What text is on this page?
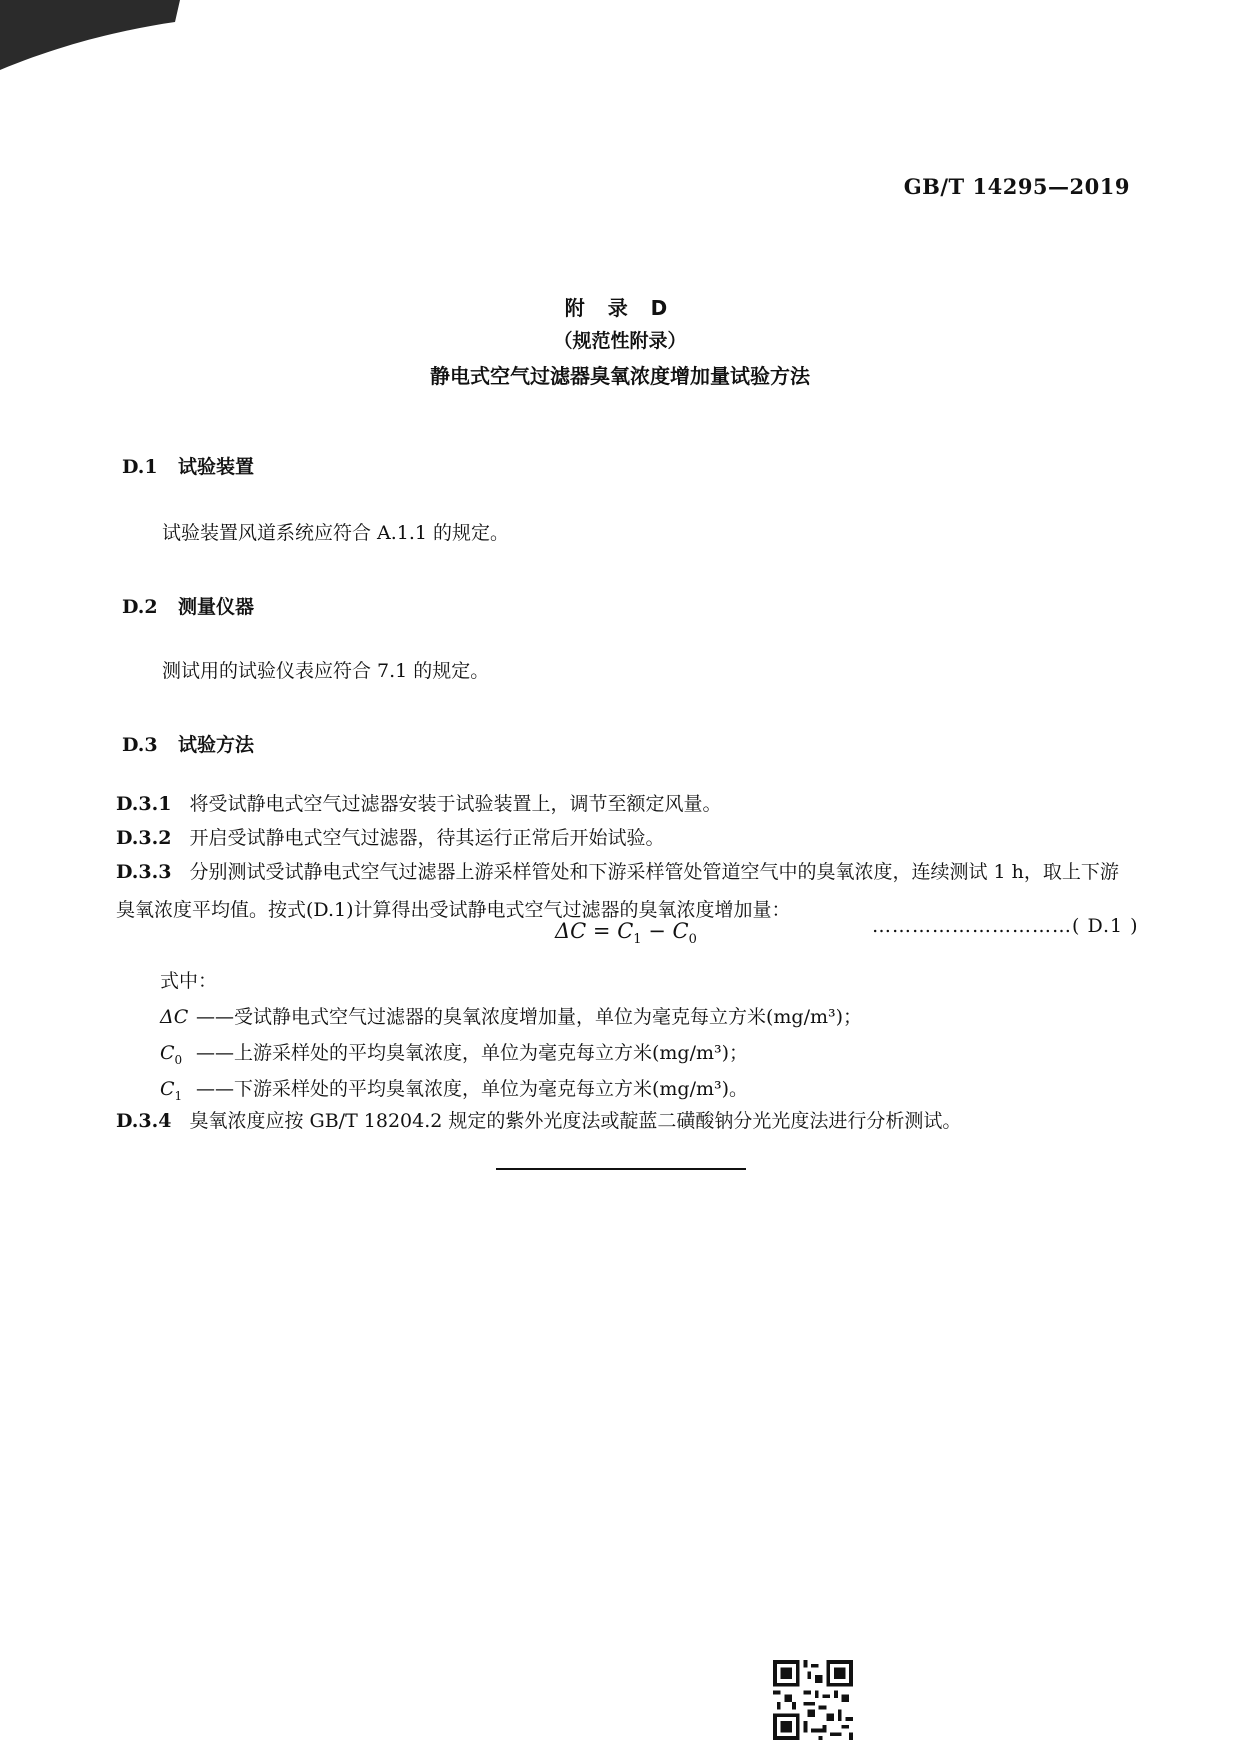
GB/T 14295—2019
附 录 D
（规范性附录）
静电式空气过滤器臭氧浓度增加量试验方法
D.1 试验装置
试验装置风道系统应符合 A.1.1 的规定。
D.2 测量仪器
测试用的试验仪表应符合 7.1 的规定。
D.3 试验方法
D.3.1 将受试静电式空气过滤器安装于试验装置上，调节至额定风量。
D.3.2 开启受试静电式空气过滤器，待其运行正常后开始试验。
D.3.3 分别测试受试静电式空气过滤器上游采样管处和下游采样管处管道空气中的臭氧浓度，连续测试 1 h，取上下游臭氧浓度平均值。按式(D.1)计算得出受试静电式空气过滤器的臭氧浓度增加量：
$\Delta C = C_1 - C_0$
…………………………( D.1 )
式中：
ΔC ——受试静电式空气过滤器的臭氧浓度增加量，单位为毫克每立方米(mg/m³)；
$C_0$ ——上游采样处的平均臭氧浓度，单位为毫克每立方米(mg/m³)；
$C_1$ ——下游采样处的平均臭氧浓度，单位为毫克每立方米(mg/m³)。
D.3.4 臭氧浓度应按 GB/T 18204.2 规定的紫外光度法或靛蓝二磺酸钠分光光度法进行分析测试。
